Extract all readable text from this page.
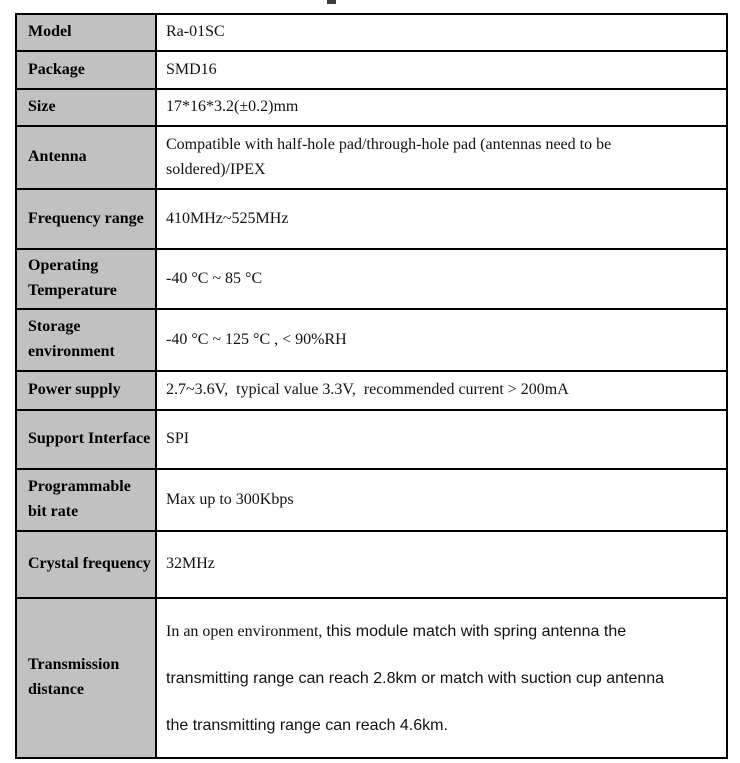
Model	Ra-01SC
Package	SMD16
Size	17*16*3.2(±0.2)mm
Antenna	Compatible with half-hole pad/through-hole pad (antennas need to be soldered)/IPEX
Frequency range	410MHz~525MHz
Operating Temperature	-40 °C ~ 85 °C
Storage environment	-40 °C ~ 125 °C , < 90%RH
Power supply	2.7~3.6V,  typical value 3.3V,  recommended current > 200mA
Support Interface	SPI
Programmable bit rate	Max up to 300Kbps
Crystal frequency	32MHz
Transmission distance	In an open environment, this module match with spring antenna the
transmitting range can reach 2.8km or match with suction cup antenna
the transmitting range can reach 4.6km.
